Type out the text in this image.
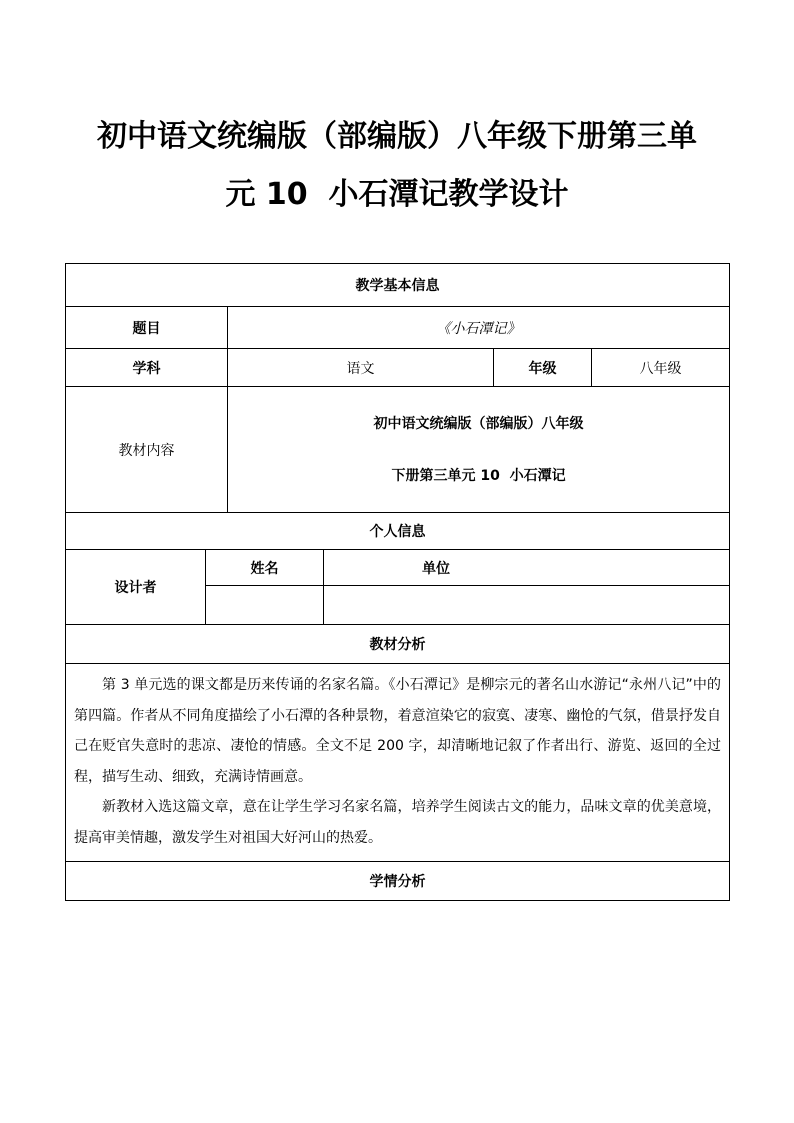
初中语文统编版（部编版）八年级下册第三单
元 10  小石潭记教学设计
教学基本信息					
题目		《小石潭记》			
学科		语文		年级	八年级
教材内容		初中语文统编版（部编版）八年级
下册第三单元 10  小石潭记			
个人信息					
设计者	姓名		单位		

教材分析					

第 3 单元选的课文都是历来传诵的名家名篇。《小石潭记》是柳宗元的著名山水游记“永州八记”中的第四篇。作者从不同角度描绘了小石潭的各种景物，着意渲染它的寂寞、凄寒、幽怆的气氛，借景抒发自己在贬官失意时的悲凉、凄怆的情感。全文不足 200 字，却清晰地记叙了作者出行、游览、返回的全过程，描写生动、细致，充满诗情画意。

新教材入选这篇文章，意在让学生学习名家名篇，培养学生阅读古文的能力，品味文章的优美意境，提高审美情趣，激发学生对祖国大好河山的热爱。					

学情分析					
